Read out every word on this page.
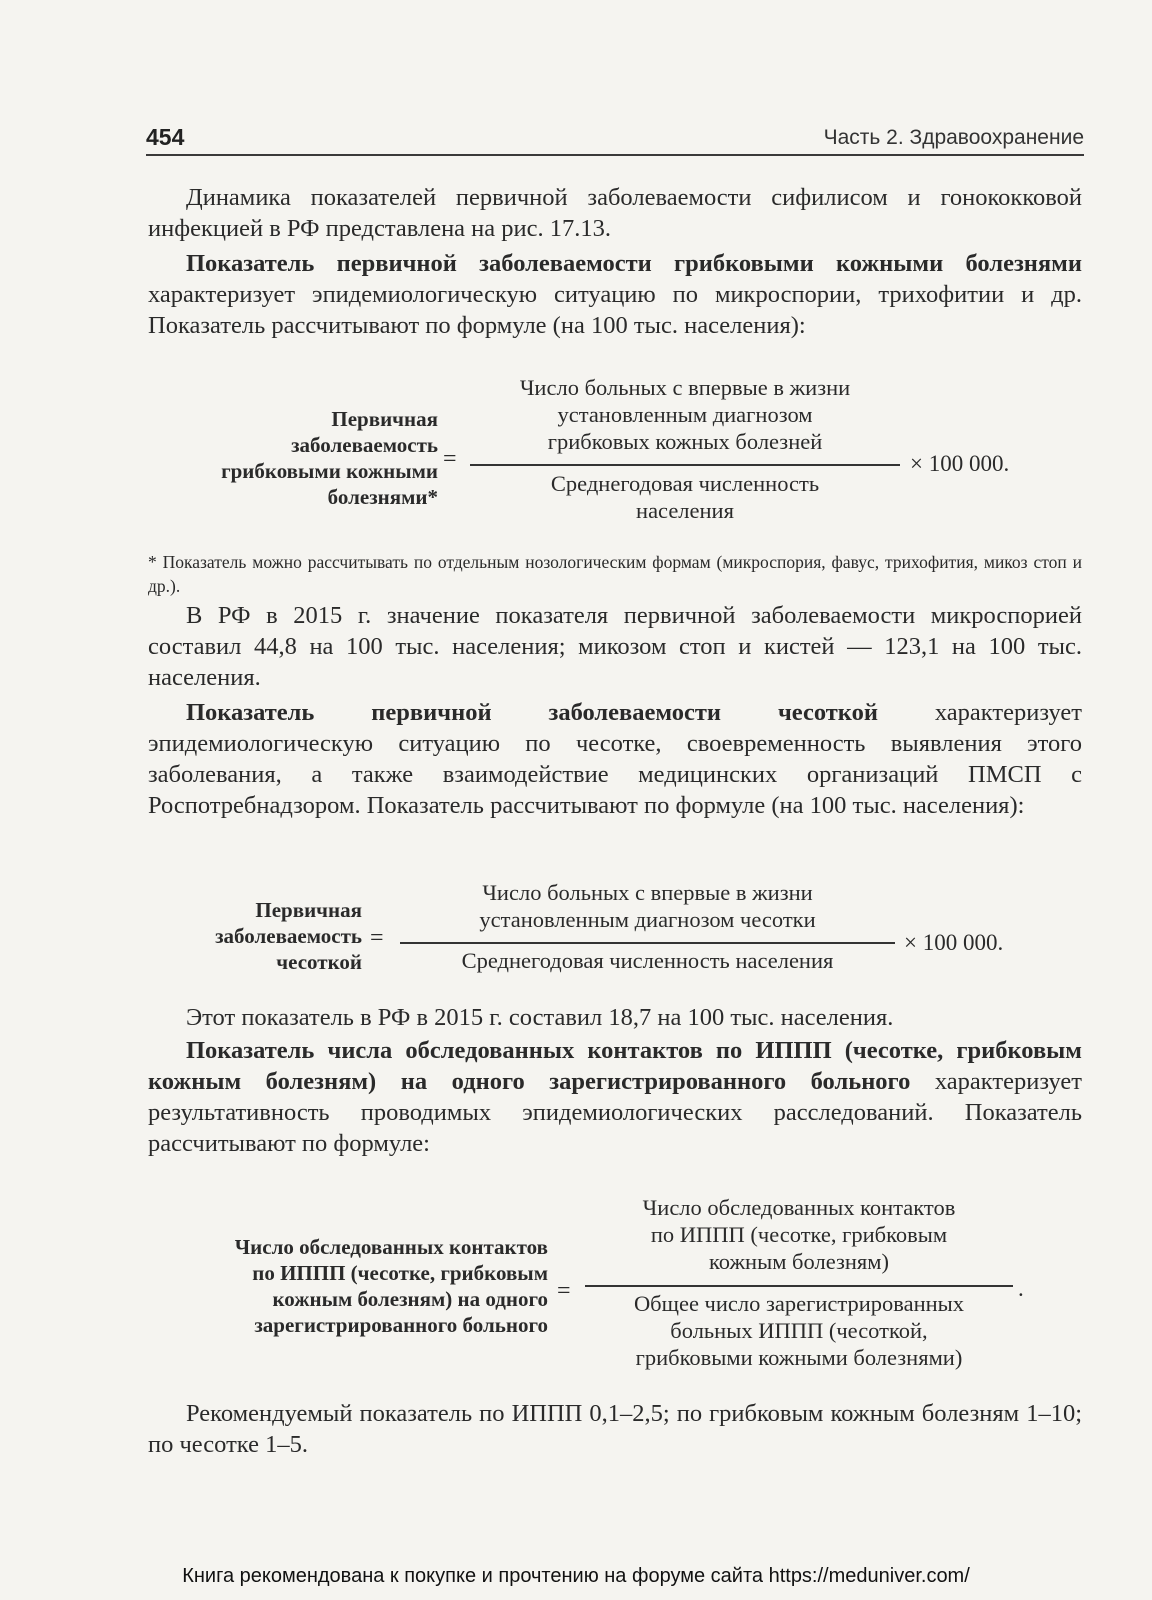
454	Часть 2. Здравоохранение

Динамика показателей первичной заболеваемости сифилисом и гонококковой инфекцией в РФ представлена на рис. 17.13.

Показатель первичной заболеваемости грибковыми кожными болезнями характеризует эпидемиологическую ситуацию по микроспории, трихофитии и др. Показатель рассчитывают по формуле (на 100 тыс. населения):

Первичная
заболеваемость
грибковыми кожными
болезнями*

=

Число больных с впервые в жизни
установленным диагнозом
грибковых кожных болезней

Среднегодовая численность
населения

× 100 000.

* Показатель можно рассчитывать по отдельным нозологическим формам (микроспория, фавус, трихофития, микоз стоп и др.).

В РФ в 2015 г. значение показателя первичной заболеваемости микроспорией составил 44,8 на 100 тыс. населения; микозом стоп и кистей — 123,1 на 100 тыс. населения.

Показатель первичной заболеваемости чесоткой характеризует эпидемиологическую ситуацию по чесотке, своевременность выявления этого заболевания, а также взаимодействие медицинских организаций ПМСП с Роспотребнадзором. Показатель рассчитывают по формуле (на 100 тыс. населения):

Первичная
заболеваемость
чесоткой

=

Число больных с впервые в жизни
установленным диагнозом чесотки

Среднегодовая численность населения

× 100 000.

Этот показатель в РФ в 2015 г. составил 18,7 на 100 тыс. населения.

Показатель числа обследованных контактов по ИППП (чесотке, грибковым кожным болезням) на одного зарегистрированного больного характеризует результативность проводимых эпидемиологических расследований. Показатель рассчитывают по формуле:

Число обследованных контактов
по ИППП (чесотке, грибковым
кожным болезням) на одного
зарегистрированного больного

=

Число обследованных контактов
по ИППП (чесотке, грибковым
кожным болезням)

Общее число зарегистрированных
больных ИППП (чесоткой,
грибковыми кожными болезнями)

.

Рекомендуемый показатель по ИППП 0,1–2,5; по грибковым кожным болезням 1–10; по чесотке 1–5.

Книга рекомендована к покупке и прочтению на форуме сайта https://meduniver.com/
